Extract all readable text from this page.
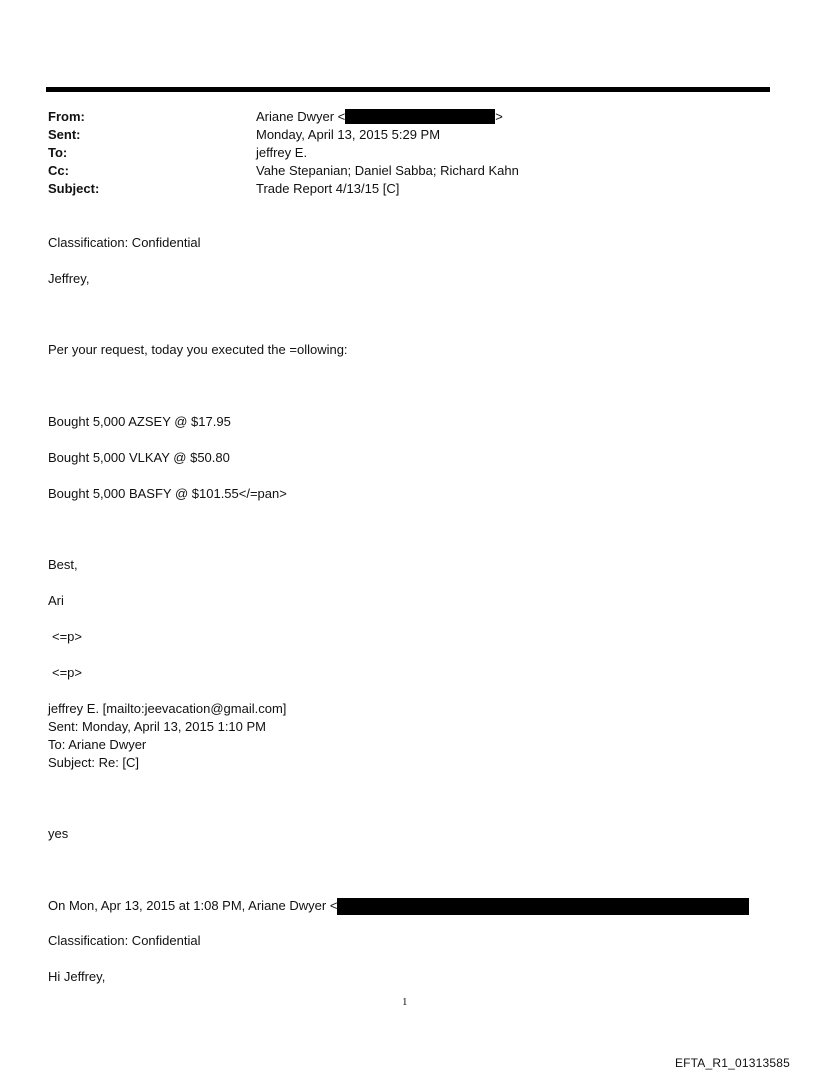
From:	Ariane Dwyer <	>
Sent:	Monday, April 13, 2015 5:29 PM
To:	jeffrey E.
Cc:	Vahe Stepanian; Daniel Sabba; Richard Kahn
Subject:	Trade Report 4/13/15 [C]
Classification: Confidential
Jeffrey,
Per your request, today you executed the =ollowing:
Bought 5,000 AZSEY @ $17.95
Bought 5,000 VLKAY @ $50.80
Bought 5,000 BASFY @ $101.55</=pan>
Best,
Ari
<=p>
<=p>
jeffrey E. [mailto:jeevacation@gmail.com]
Sent: Monday, April 13, 2015 1:10 PM
To: Ariane Dwyer
Subject: Re: [C]
yes
On Mon, Apr 13, 2015 at 1:08 PM, Ariane Dwyer <
Classification: Confidential
Hi Jeffrey,
1
EFTA_R1_01313585
